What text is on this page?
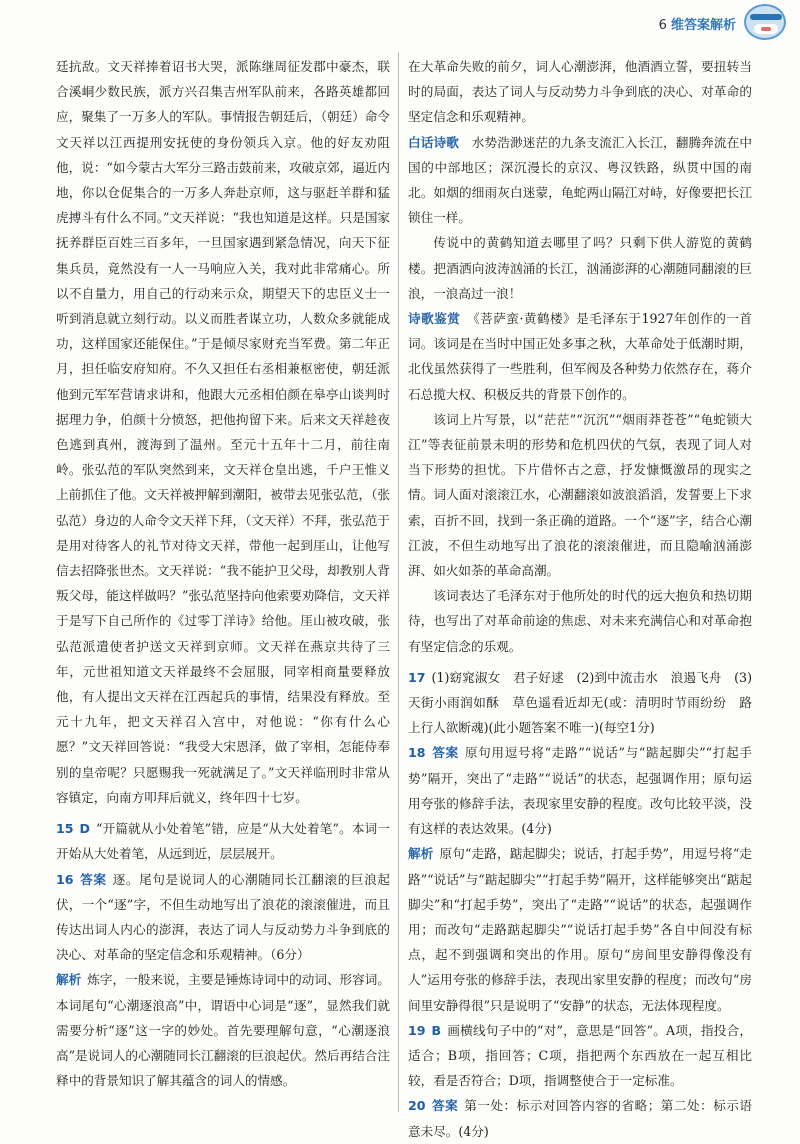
6 维答案解析

廷抗敌。文天祥捧着诏书大哭，派陈继周征发郡中豪杰，联合溪峒少数民族，派方兴召集吉州军队前来，各路英雄都回应，聚集了一万多人的军队。事情报告朝廷后，（朝廷）命令文天祥以江西提刑安抚使的身份领兵入京。他的好友劝阻他，说：“如今蒙古大军分三路击鼓前来，攻破京郊，逼近内地，你以仓促集合的一万多人奔赴京师，这与驱赶羊群和猛虎搏斗有什么不同。”文天祥说：“我也知道是这样。只是国家抚养群臣百姓三百多年，一旦国家遇到紧急情况，向天下征集兵员，竟然没有一人一马响应入关，我对此非常痛心。所以不自量力，用自己的行动来示众，期望天下的忠臣义士一听到消息就立刻行动。以义而胜者谋立功，人数众多就能成功，这样国家还能保住。”于是倾尽家财充当军费。第二年正月，担任临安府知府。不久又担任右丞相兼枢密使，朝廷派他到元军军营请求讲和，他跟大元丞相伯颜在皋亭山谈判时据理力争，伯颜十分愤怒，把他拘留下来。后来文天祥趁夜色逃到真州，渡海到了温州。至元十五年十二月，前往南岭。张弘范的军队突然到来，文天祥仓皇出逃，千户王惟义上前抓住了他。文天祥被押解到潮阳，被带去见张弘范，（张弘范）身边的人命令文天祥下拜，（文天祥）不拜，张弘范于是用对待客人的礼节对待文天祥，带他一起到厓山，让他写信去招降张世杰。文天祥说：“我不能护卫父母，却教别人背叛父母，能这样做吗？”张弘范坚持向他索要劝降信，文天祥于是写下自己所作的《过零丁洋诗》给他。厓山被攻破，张弘范派遣使者护送文天祥到京师。文天祥在燕京共待了三年，元世祖知道文天祥最终不会屈服，同宰相商量要释放他，有人提出文天祥在江西起兵的事情，结果没有释放。至元十九年，把文天祥召入宫中，对他说：“你有什么心愿？”文天祥回答说：“我受大宋恩泽，做了宰相，怎能侍奉别的皇帝呢？只愿赐我一死就满足了。”文天祥临刑时非常从容镇定，向南方叩拜后就义，终年四十七岁。

15 D “开篇就从小处着笔”错，应是“从大处着笔”。本词一开始从大处着笔，从远到近，层层展开。

16 答案 逐。尾句是说词人的心潮随同长江翻滚的巨浪起伏，一个“逐”字，不但生动地写出了浪花的滚滚催进，而且传达出词人内心的澎湃，表达了词人与反动势力斗争到底的决心、对革命的坚定信念和乐观精神。（6分）

解析 炼字，一般来说，主要是锤炼诗词中的动词、形容词。本词尾句“心潮逐浪高”中，谓语中心词是“逐”，显然我们就需要分析“逐”这一字的妙处。首先要理解句意，“心潮逐浪高”是说词人的心潮随同长江翻滚的巨浪起伏。然后再结合注释中的背景知识了解其蕴含的词人的情感。

在大革命失败的前夕，词人心潮澎湃，他酒酒立誓，要扭转当时的局面，表达了词人与反动势力斗争到底的决心、对革命的坚定信念和乐观精神。

白话诗歌　 水势浩渺迷茫的九条支流汇入长江，翻腾奔流在中国的中部地区；深沉漫长的京汉、粤汉铁路，纵贯中国的南北。如烟的细雨灰白迷蒙，龟蛇两山隔江对峙，好像要把长江锁住一样。

传说中的黄鹤知道去哪里了吗？只剩下供人游览的黄鹤楼。把酒洒向波涛汹涌的长江，汹涌澎湃的心潮随同翻滚的巨浪，一浪高过一浪！

诗歌鉴赏　 《菩萨蛮·黄鹤楼》是毛泽东于1927年创作的一首词。该词是在当时中国正处多事之秋，大革命处于低潮时期，北伐虽然获得了一些胜利，但军阀及各种势力依然存在，蒋介石总揽大权、积极反共的背景下创作的。

该词上片写景，以“茫茫”“沉沉”“烟雨莽苍苍”“龟蛇锁大江”等表征前景未明的形势和危机四伏的气氛，表现了词人对当下形势的担忧。下片借怀古之意，抒发慷慨激昂的现实之情。词人面对滚滚江水，心潮翻滚如波浪滔滔，发誓要上下求索，百折不回，找到一条正确的道路。一个“逐”字，结合心潮江波，不但生动地写出了浪花的滚滚催进，而且隐喻汹涌澎湃、如火如荼的革命高潮。

该词表达了毛泽东对于他所处的时代的远大抱负和热切期待，也写出了对革命前途的焦虑、对未来充满信心和对革命抱有坚定信念的乐观。

17 (1)窈窕淑女　君子好逑　(2)到中流击水　浪遏飞舟　(3)天街小雨润如酥　草色遥看近却无(或：清明时节雨纷纷　路上行人欲断魂)(此小题答案不唯一)(每空1分)

18 答案 原句用逗号将“走路”“说话”与“踮起脚尖”“打起手势”隔开，突出了“走路”“说话”的状态，起强调作用；原句运用夸张的修辞手法，表现家里安静的程度。改句比较平淡，没有这样的表达效果。(4分)

解析 原句“走路，踮起脚尖；说话，打起手势”，用逗号将“走路”“说话”与“踮起脚尖”“打起手势”隔开，这样能够突出“踮起脚尖”和“打起手势”，突出了“走路”“说话”的状态，起强调作用；而改句“走路踮起脚尖”“说话打起手势”各自中间没有标点，起不到强调和突出的作用。原句“房间里安静得像没有人”运用夸张的修辞手法，表现出家里安静的程度；而改句“房间里安静得很”只是说明了“安静”的状态，无法体现程度。

19 B 画横线句子中的“对”，意思是“回答”。A项，指投合，适合；B项，指回答；C项，指把两个东西放在一起互相比较，看是否符合；D项，指调整使合于一定标准。

20 答案 第一处：标示对回答内容的省略；第二处：标示语意未尽。(4分)
